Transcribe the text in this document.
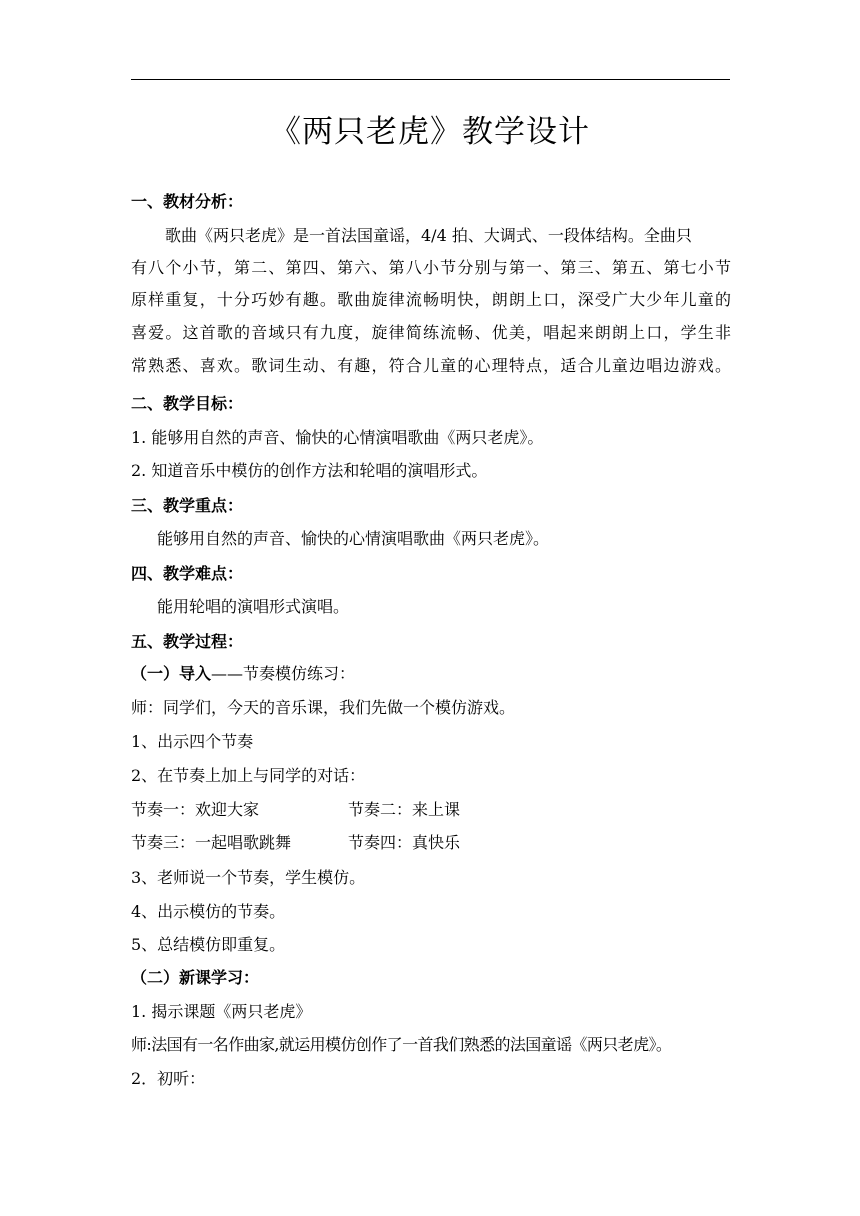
《两只老虎》教学设计
一、教材分析：
歌曲《两只老虎》是一首法国童谣，4/4 拍、大调式、一段体结构。全曲只
有八个小节，第二、第四、第六、第八小节分别与第一、第三、第五、第七小节
原样重复，十分巧妙有趣。歌曲旋律流畅明快，朗朗上口，深受广大少年儿童的
喜爱。这首歌的音域只有九度，旋律简练流畅、优美，唱起来朗朗上口，学生非
常熟悉、喜欢。歌词生动、有趣，符合儿童的心理特点，适合儿童边唱边游戏。
二、教学目标：
1. 能够用自然的声音、愉快的心情演唱歌曲《两只老虎》。
2. 知道音乐中模仿的创作方法和轮唱的演唱形式。
三、教学重点：
能够用自然的声音、愉快的心情演唱歌曲《两只老虎》。
四、教学难点：
能用轮唱的演唱形式演唱。
五、教学过程：
（一）导入——节奏模仿练习：
师：同学们，今天的音乐课，我们先做一个模仿游戏。
1、出示四个节奏
2、在节奏上加上与同学的对话：
节奏一：欢迎大家	节奏二：来上课
节奏三：一起唱歌跳舞	节奏四：真快乐
3、老师说一个节奏，学生模仿。
4、出示模仿的节奏。
5、总结模仿即重复。
（二）新课学习：
1. 揭示课题《两只老虎》
师:法国有一名作曲家,就运用模仿创作了一首我们熟悉的法国童谣《两只老虎》。
2．初听：
